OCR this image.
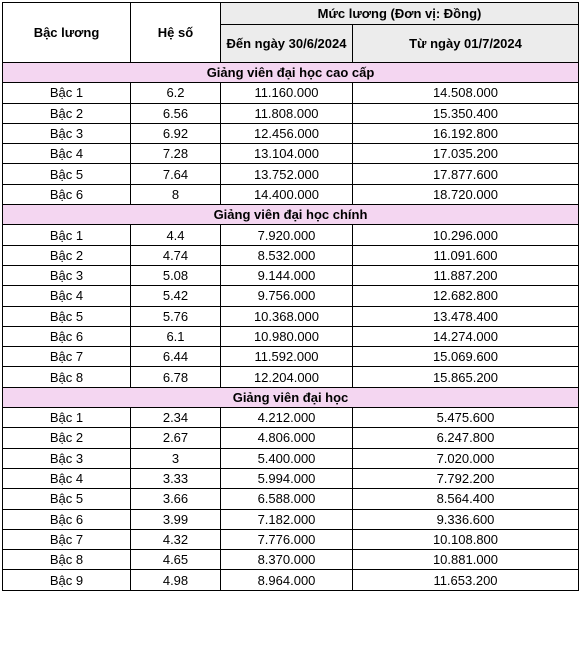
Bậc lương	Hệ số	Mức lương (Đơn vị: Đồng)	
		Đến ngày 30/6/2024	Từ ngày 01/7/2024
Giảng viên đại học cao cấp			
Bậc 1	6.2	11.160.000	14.508.000
Bậc 2	6.56	11.808.000	15.350.400
Bậc 3	6.92	12.456.000	16.192.800
Bậc 4	7.28	13.104.000	17.035.200
Bậc 5	7.64	13.752.000	17.877.600
Bậc 6	8	14.400.000	18.720.000
Giảng viên đại học chính			
Bậc 1	4.4	7.920.000	10.296.000
Bậc 2	4.74	8.532.000	11.091.600
Bậc 3	5.08	9.144.000	11.887.200
Bậc 4	5.42	9.756.000	12.682.800
Bậc 5	5.76	10.368.000	13.478.400
Bậc 6	6.1	10.980.000	14.274.000
Bậc 7	6.44	11.592.000	15.069.600
Bậc 8	6.78	12.204.000	15.865.200
Giảng viên đại học			
Bậc 1	2.34	4.212.000	5.475.600
Bậc 2	2.67	4.806.000	6.247.800
Bậc 3	3	5.400.000	7.020.000
Bậc 4	3.33	5.994.000	7.792.200
Bậc 5	3.66	6.588.000	8.564.400
Bậc 6	3.99	7.182.000	9.336.600
Bậc 7	4.32	7.776.000	10.108.800
Bậc 8	4.65	8.370.000	10.881.000
Bậc 9	4.98	8.964.000	11.653.200
